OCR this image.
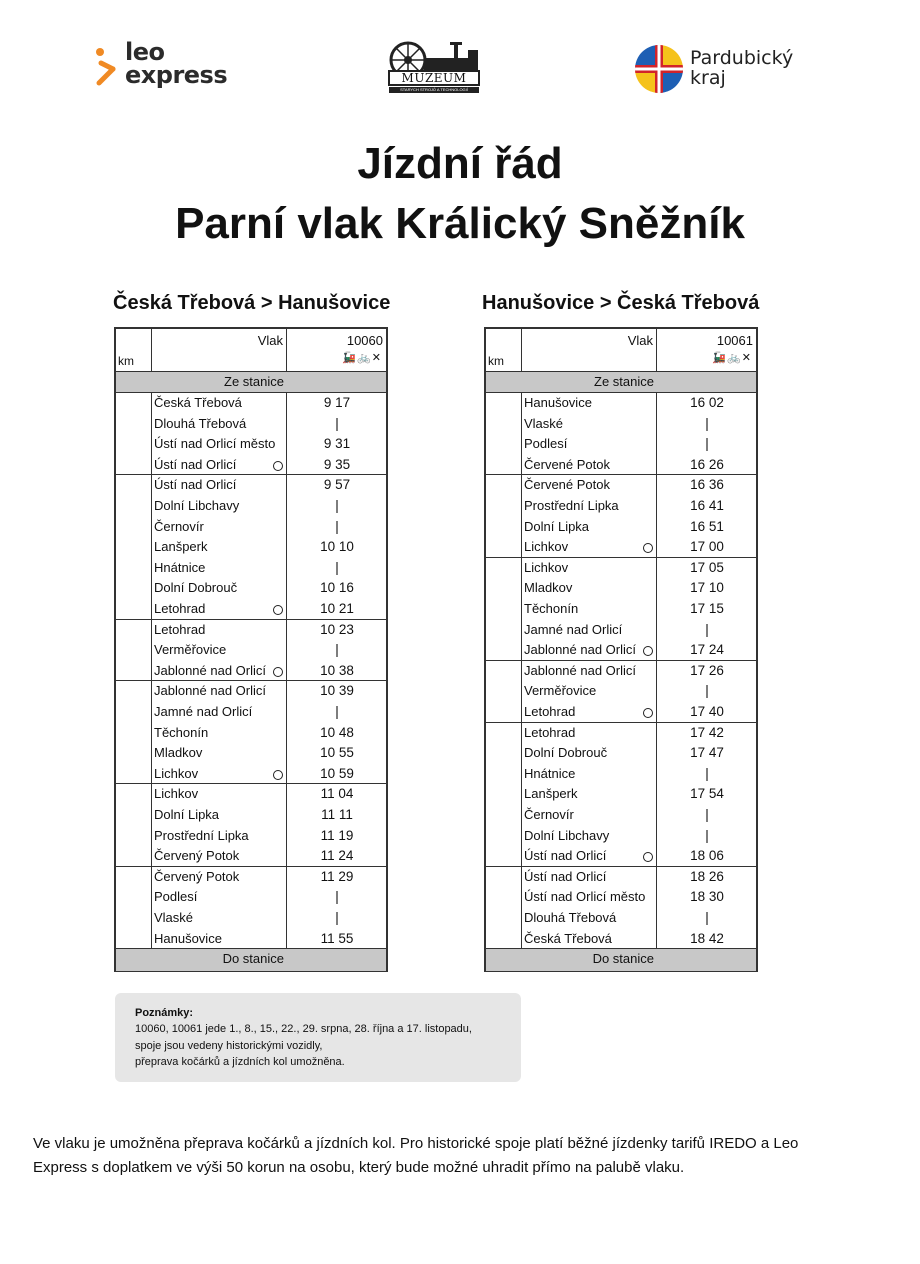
leo
express	MUZEUM
STARYCH STROJŮ A TECHNOLOGIÍ
Pardubický
kraj
Jízdní řád
Parní vlak Králický Sněžník
Česká Třebová > Hanušovice	Hanušovice > Česká Třebová
Vlak	10060
km	🚂🚲✕
Ze stanice
Česká Třebová	9 17
Dlouhá Třebová	|
Ústí nad Orlicí město	9 31
Ústí nad Orlicí	9 35
Ústí nad Orlicí	9 57
Dolní Libchavy	|
Černovír	|
Lanšperk	10 10
Hnátnice	|
Dolní Dobrouč	10 16
Letohrad	10 21
Letohrad	10 23
Verměřovice	|
Jablonné nad Orlicí	10 38
Jablonné nad Orlicí	10 39
Jamné nad Orlicí	|
Těchonín	10 48
Mladkov	10 55
Lichkov	10 59
Lichkov	11 04
Dolní Lipka	11 11
Prostřední Lipka	11 19
Červený Potok	11 24
Červený Potok	11 29
Podlesí	|
Vlaské	|
Hanušovice	11 55
Do stanice
Vlak	10061
km	🚂🚲✕
Ze stanice
Hanušovice	16 02
Vlaské	|
Podlesí	|
Červené Potok	16 26
Červené Potok	16 36
Prostřední Lipka	16 41
Dolní Lipka	16 51
Lichkov	17 00
Lichkov	17 05
Mladkov	17 10
Těchonín	17 15
Jamné nad Orlicí	|
Jablonné nad Orlicí	17 24
Jablonné nad Orlicí	17 26
Verměřovice	|
Letohrad	17 40
Letohrad	17 42
Dolní Dobrouč	17 47
Hnátnice	|
Lanšperk	17 54
Černovír	|
Dolní Libchavy	|
Ústí nad Orlicí	18 06
Ústí nad Orlicí	18 26
Ústí nad Orlicí město	18 30
Dlouhá Třebová	|
Česká Třebová	18 42
Do stanice
Poznámky:
10060, 10061 jede 1., 8., 15., 22., 29. srpna, 28. října a 17. listopadu,
spoje jsou vedeny historickými vozidly,
přeprava kočárků a jízdních kol umožněna.
Ve vlaku je umožněna přeprava kočárků a jízdních kol. Pro historické spoje platí běžné jízdenky tarifů IREDO a Leo Express s doplatkem ve výši 50 korun na osobu, který bude možné uhradit přímo na palubě vlaku.
